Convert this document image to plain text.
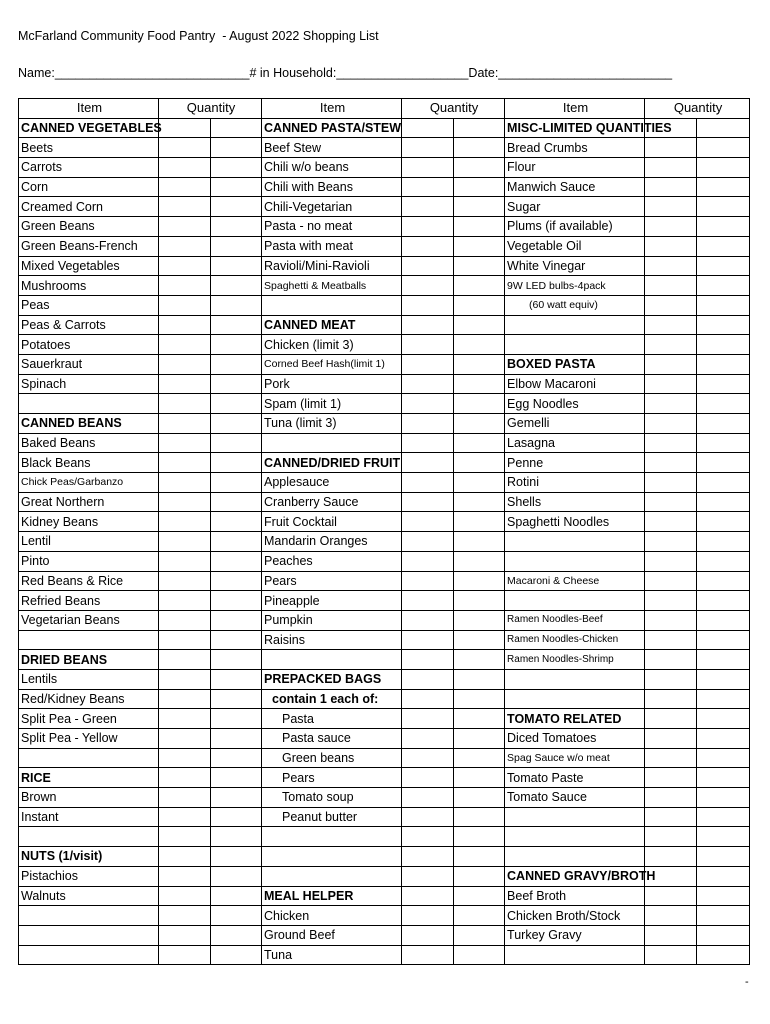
McFarland Community Food Pantry  - August 2022 Shopping List
Name:____________________________# in Household:___________________Date:_________________________
Item	Quantity		Item	Quantity		Item	Quantity	
CANNED VEGETABLES			CANNED PASTA/STEW			MISC-LIMITED QUANTITIES		
Beets			Beef Stew			Bread Crumbs		
Carrots			Chili w/o beans			Flour		
Corn			Chili with Beans			Manwich Sauce		
Creamed Corn			Chili-Vegetarian			Sugar		
Green Beans			Pasta - no meat			Plums (if available)		
Green Beans-French			Pasta with meat			Vegetable Oil		
Mixed Vegetables			Ravioli/Mini-Ravioli			White Vinegar		
Mushrooms			Spaghetti & Meatballs			9W LED bulbs-4pack		
Peas						(60 watt equiv)		
Peas & Carrots			CANNED MEAT					
Potatoes			Chicken (limit 3)					
Sauerkraut			Corned Beef Hash(limit 1)			BOXED PASTA		
Spinach			Pork			Elbow Macaroni		
			Spam (limit 1)			Egg Noodles		
CANNED BEANS			Tuna (limit 3)			Gemelli		
Baked Beans						Lasagna		
Black Beans			CANNED/DRIED FRUIT			Penne		
Chick Peas/Garbanzo			Applesauce			Rotini		
Great Northern			Cranberry Sauce			Shells		
Kidney Beans			Fruit Cocktail			Spaghetti Noodles		
Lentil			Mandarin Oranges					
Pinto			Peaches					
Red Beans & Rice			Pears			Macaroni & Cheese		
Refried Beans			Pineapple					
Vegetarian Beans			Pumpkin			Ramen Noodles-Beef		
			Raisins			Ramen Noodles-Chicken		
DRIED BEANS						Ramen Noodles-Shrimp		
Lentils			PREPACKED BAGS					
Red/Kidney Beans			contain 1 each of:					
Split Pea - Green			Pasta			TOMATO RELATED		
Split Pea - Yellow			Pasta sauce			Diced Tomatoes		
			Green beans			Spag Sauce w/o meat		
RICE			Pears			Tomato Paste		
Brown			Tomato soup			Tomato Sauce		
Instant			Peanut butter					

NUTS (1/visit)								
Pistachios						CANNED GRAVY/BROTH		
Walnuts			MEAL HELPER			Beef Broth		
			Chicken			Chicken Broth/Stock		
			Ground Beef			Turkey Gravy		
			Tuna					
-
